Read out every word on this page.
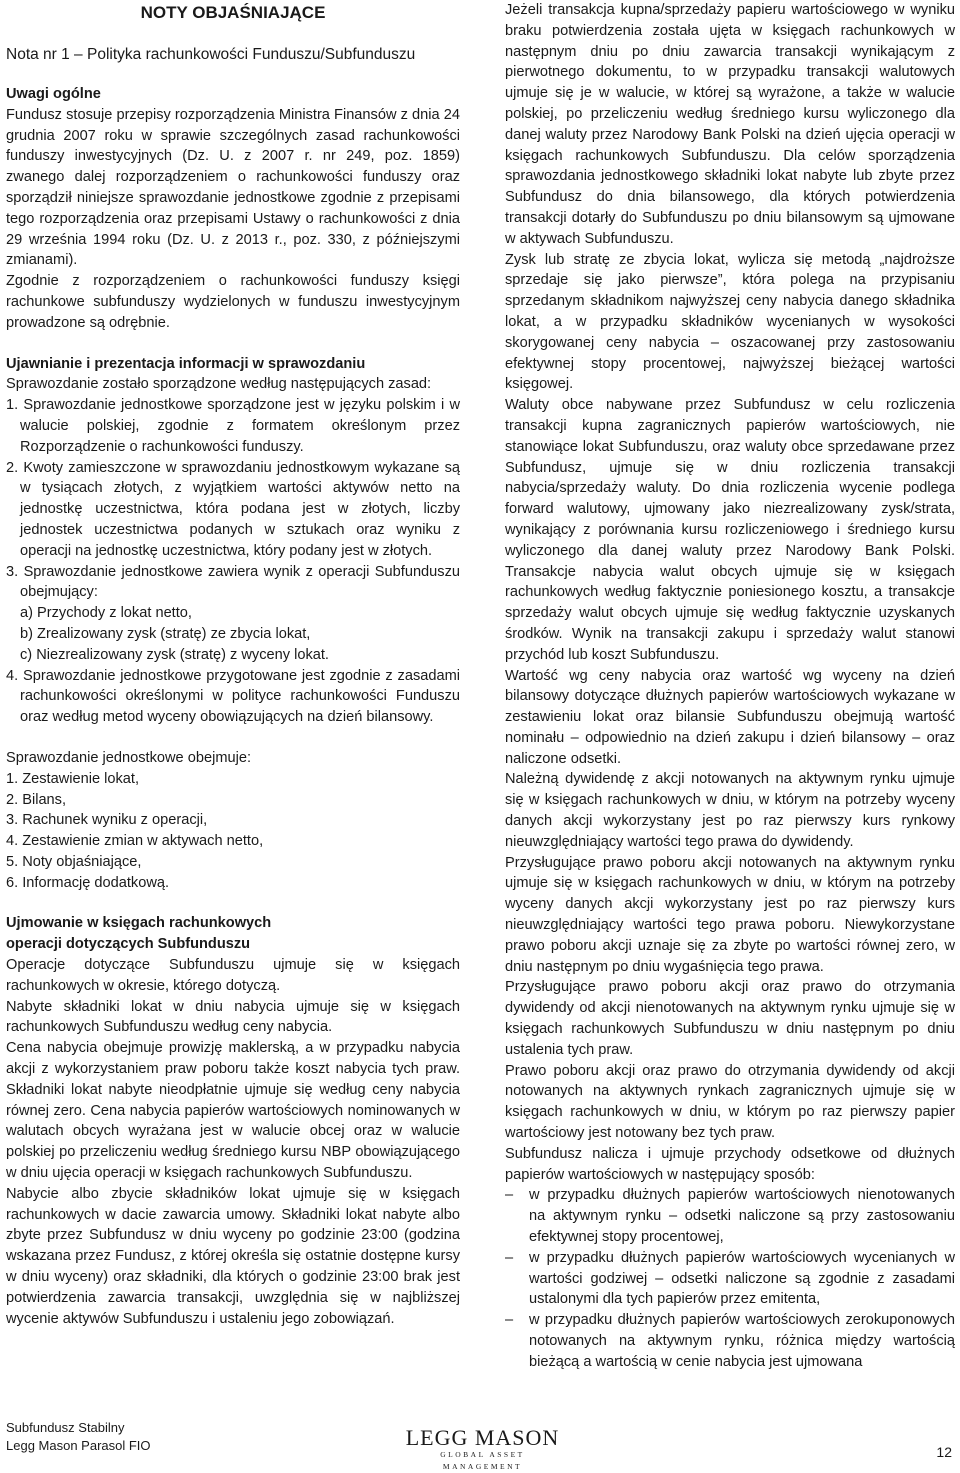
NOTY OBJAŚNIAJĄCE
Nota nr 1 – Polityka rachunkowości Funduszu/Subfunduszu
Uwagi ogólne

Fundusz stosuje przepisy rozporządzenia Ministra Finansów z dnia 24 grudnia 2007 roku w sprawie szczególnych zasad rachunkowości funduszy inwestycyjnych (Dz. U. z 2007 r. nr 249, poz. 1859) zwanego dalej rozporządzeniem o rachunkowości funduszy oraz sporządził niniejsze sprawozdanie jednostkowe zgodnie z przepisami tego rozporządzenia oraz przepisami Ustawy o rachunkowości z dnia 29 września 1994 roku (Dz. U. z 2013 r., poz. 330, z późniejszymi zmianami).

Zgodnie z rozporządzeniem o rachunkowości funduszy księgi rachunkowe subfunduszy wydzielonych w funduszu inwestycyjnym prowadzone są odrębnie.

Ujawnianie i prezentacja informacji w sprawozdaniu

Sprawozdanie zostało sporządzone według następujących zasad:

1. Sprawozdanie jednostkowe sporządzone jest w języku polskim i w walucie polskiej, zgodnie z formatem określonym przez Rozporządzenie o rachunkowości funduszy.
2. Kwoty zamieszczone w sprawozdaniu jednostkowym wykazane są w tysiącach złotych, z wyjątkiem wartości aktywów netto na jednostkę uczestnictwa, która podana jest w złotych, liczby jednostek uczestnictwa podanych w sztukach oraz wyniku z operacji na jednostkę uczestnictwa, który podany jest w złotych.
3. Sprawozdanie jednostkowe zawiera wynik z operacji Subfunduszu obejmujący:
a) Przychody z lokat netto,
b) Zrealizowany zysk (stratę) ze zbycia lokat,
c) Niezrealizowany zysk (stratę) z wyceny lokat.
4. Sprawozdanie jednostkowe przygotowane jest zgodnie z zasadami rachunkowości określonymi w polityce rachunkowości Funduszu oraz według metod wyceny obowiązujących na dzień bilansowy.

Sprawozdanie jednostkowe obejmuje:

1. Zestawienie lokat,
2. Bilans,
3. Rachunek wyniku z operacji,
4. Zestawienie zmian w aktywach netto,
5. Noty objaśniające,
6. Informację dodatkową.
Ujmowanie w księgach rachunkowych
operacji dotyczących Subfunduszu

Operacje dotyczące Subfunduszu ujmuje się w księgach rachunkowych w okresie, którego dotyczą.

Nabyte składniki lokat w dniu nabycia ujmuje się w księgach rachunkowych Subfunduszu według ceny nabycia.

Cena nabycia obejmuje prowizję maklerską, a w przypadku nabycia akcji z wykorzystaniem praw poboru także koszt nabycia tych praw. Składniki lokat nabyte nieodpłatnie ujmuje się według ceny nabycia równej zero. Cena nabycia papierów wartościowych nominowanych w walutach obcych wyrażana jest w walucie obcej oraz w walucie polskiej po przeliczeniu według średniego kursu NBP obowiązującego w dniu ujęcia operacji w księgach rachunkowych Subfunduszu.

Nabycie albo zbycie składników lokat ujmuje się w księgach rachunkowych w dacie zawarcia umowy. Składniki lokat nabyte albo zbyte przez Subfundusz w dniu wyceny po godzinie 23:00 (godzina wskazana przez Fundusz, z której określa się ostatnie dostępne kursy w dniu wyceny) oraz składniki, dla których o godzinie 23:00 brak jest potwierdzenia zawarcia transakcji, uwzględnia się w najbliższej wycenie aktywów Subfunduszu i ustaleniu jego zobowiązań.

Jeżeli transakcja kupna/sprzedaży papieru wartościowego w wyniku braku potwierdzenia została ujęta w księgach rachunkowych w następnym dniu po dniu zawarcia transakcji wynikającym z pierwotnego dokumentu, to w przypadku transakcji walutowych ujmuje się je w walucie, w której są wyrażone, a także w walucie polskiej, po przeliczeniu według średniego kursu wyliczonego dla danej waluty przez Narodowy Bank Polski na dzień ujęcia operacji w księgach rachunkowych Subfunduszu. Dla celów sporządzenia sprawozdania jednostkowego składniki lokat nabyte lub zbyte przez Subfundusz do dnia bilansowego, dla których potwierdzenia transakcji dotarły do Subfunduszu po dniu bilansowym są ujmowane w aktywach Subfunduszu.

Zysk lub stratę ze zbycia lokat, wylicza się metodą „najdroższe sprzedaje się jako pierwsze”, która polega na przypisaniu sprzedanym składnikom najwyższej ceny nabycia danego składnika lokat, a w przypadku składników wycenianych w wysokości skorygowanej ceny nabycia – oszacowanej przy zastosowaniu efektywnej stopy procentowej, najwyższej bieżącej wartości księgowej.

Waluty obce nabywane przez Subfundusz w celu rozliczenia transakcji kupna zagranicznych papierów wartościowych, nie stanowiące lokat Subfunduszu, oraz waluty obce sprzedawane przez Subfundusz, ujmuje się w dniu rozliczenia transakcji nabycia/sprzedaży waluty. Do dnia rozliczenia wycenie podlega forward walutowy, ujmowany jako niezrealizowany zysk/strata, wynikający z porównania kursu rozliczeniowego i średniego kursu wyliczonego dla danej waluty przez Narodowy Bank Polski. Transakcje nabycia walut obcych ujmuje się w księgach rachunkowych według faktycznie poniesionego kosztu, a transakcje sprzedaży walut obcych ujmuje się według faktycznie uzyskanych środków. Wynik na transakcji zakupu i sprzedaży walut stanowi przychód lub koszt Subfunduszu.

Wartość wg ceny nabycia oraz wartość wg wyceny na dzień bilansowy dotyczące dłużnych papierów wartościowych wykazane w zestawieniu lokat oraz bilansie Subfunduszu obejmują wartość nominału – odpowiednio na dzień zakupu i dzień bilansowy – oraz naliczone odsetki.

Należną dywidendę z akcji notowanych na aktywnym rynku ujmuje się w księgach rachunkowych w dniu, w którym na potrzeby wyceny danych akcji wykorzystany jest po raz pierwszy kurs rynkowy nieuwzględniający wartości tego prawa do dywidendy.

Przysługujące prawo poboru akcji notowanych na aktywnym rynku ujmuje się w księgach rachunkowych w dniu, w którym na potrzeby wyceny danych akcji wykorzystany jest po raz pierwszy kurs nieuwzględniający wartości tego prawa poboru. Niewykorzystane prawo poboru akcji uznaje się za zbyte po wartości równej zero, w dniu następnym po dniu wygaśnięcia tego prawa.

Przysługujące prawo poboru akcji oraz prawo do otrzymania dywidendy od akcji nienotowanych na aktywnym rynku ujmuje się w księgach rachunkowych Subfunduszu w dniu następnym po dniu ustalenia tych praw.

Prawo poboru akcji oraz prawo do otrzymania dywidendy od akcji notowanych na aktywnych rynkach zagranicznych ujmuje się w księgach rachunkowych w dniu, w którym po raz pierwszy papier wartościowy jest notowany bez tych praw.

Subfundusz nalicza i ujmuje przychody odsetkowe od dłużnych papierów wartościowych w następujący sposób:

– w przypadku dłużnych papierów wartościowych nienotowanych na aktywnym rynku – odsetki naliczone są przy zastosowaniu efektywnej stopy procentowej,
– w przypadku dłużnych papierów wartościowych wycenianych w wartości godziwej – odsetki naliczone są zgodnie z zasadami ustalonymi dla tych papierów przez emitenta,
– w przypadku dłużnych papierów wartościowych zerokuponowych notowanych na aktywnym rynku, różnica między wartością bieżącą a wartością w cenie nabycia jest ujmowana
Subfundusz Stabilny
Legg Mason Parasol FIO	LEGG MASON
GLOBAL ASSET MANAGEMENT
12
